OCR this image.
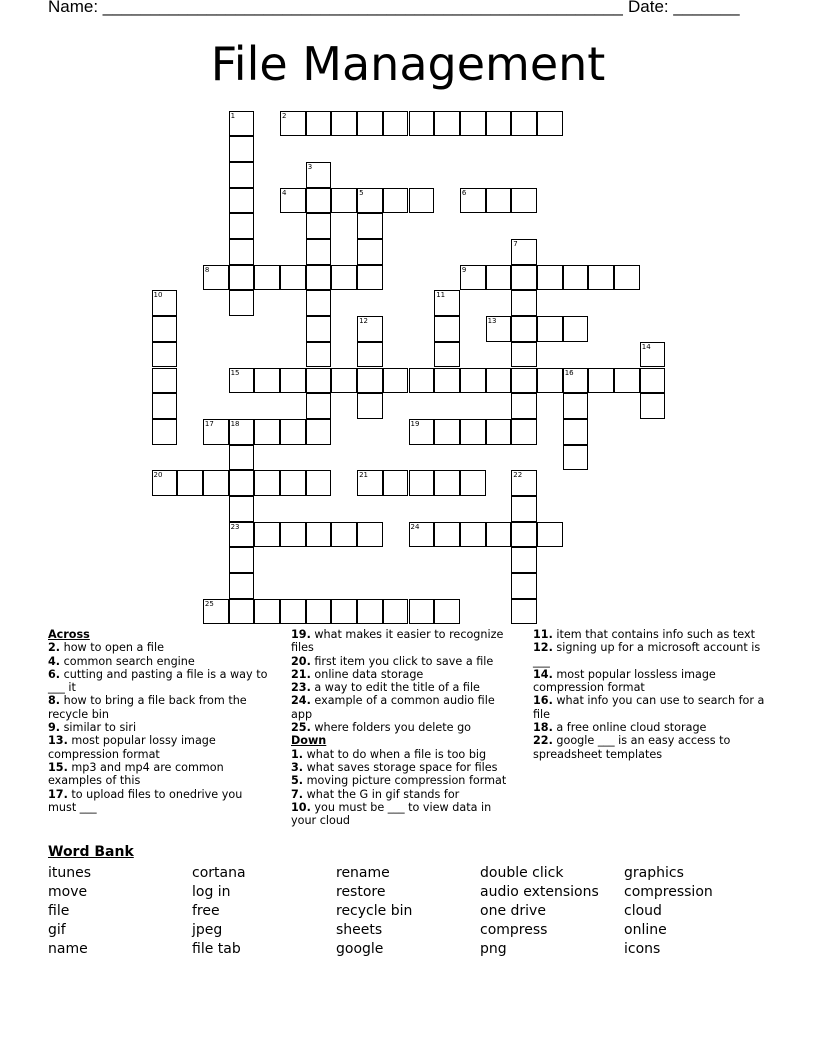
Name: _______________________________________________________ Date: _______
File Management
2
4	5	6
8	9
13
15	16
17 18	19
20	21
23	24
25
1
3
7
10	11
12
14
22
Across
2. how to open a file
4. common search engine
6. cutting and pasting a file is a way to ___ it
8. how to bring a file back from the recycle bin
9. similar to siri
13. most popular lossy image compression format
15. mp3 and mp4 are common examples of this
17. to upload files to onedrive you must ___
19. what makes it easier to recognize files
20. first item you click to save a file
21. online data storage
23. a way to edit the title of a file
24. example of a common audio file app
25. where folders you delete go
Down
1. what to do when a file is too big
3. what saves storage space for files
5. moving picture compression format
7. what the G in gif stands for
10. you must be ___ to view data in your cloud
11. item that contains info such as text
12. signing up for a microsoft account is ___
14. most popular lossless image compression format
16. what info you can use to search for a file
18. a free online cloud storage
22. google ___ is an easy access to spreadsheet templates
Word Bank
itunes
move
file
gif
name
cortana
log in
free
jpeg
file tab
rename
restore
recycle bin
sheets
google
double click
audio extensions
one drive
compress
png
graphics
compression
cloud
online
icons
